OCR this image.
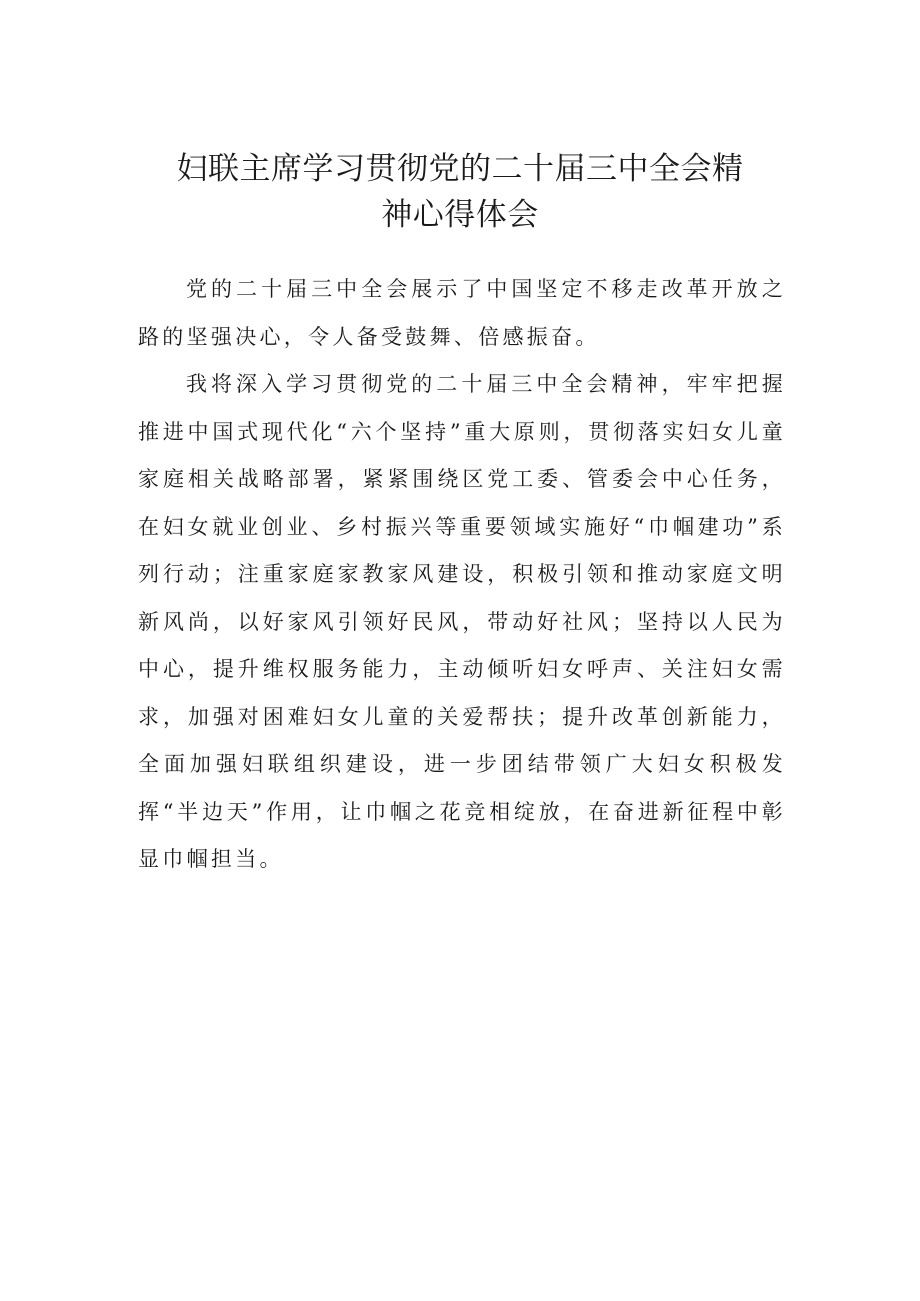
妇联主席学习贯彻党的二十届三中全会精
神心得体会

党的二十届三中全会展示了中国坚定不移走改革开放之路的坚强决心，令人备受鼓舞、倍感振奋。

我将深入学习贯彻党的二十届三中全会精神，牢牢把握推进中国式现代化“六个坚持”重大原则，贯彻落实妇女儿童家庭相关战略部署，紧紧围绕区党工委、管委会中心任务，在妇女就业创业、乡村振兴等重要领域实施好“巾帼建功”系列行动；注重家庭家教家风建设，积极引领和推动家庭文明新风尚，以好家风引领好民风，带动好社风；坚持以人民为中心，提升维权服务能力，主动倾听妇女呼声、关注妇女需求，加强对困难妇女儿童的关爱帮扶；提升改革创新能力，全面加强妇联组织建设，进一步团结带领广大妇女积极发挥“半边天”作用，让巾帼之花竞相绽放，在奋进新征程中彰显巾帼担当。
